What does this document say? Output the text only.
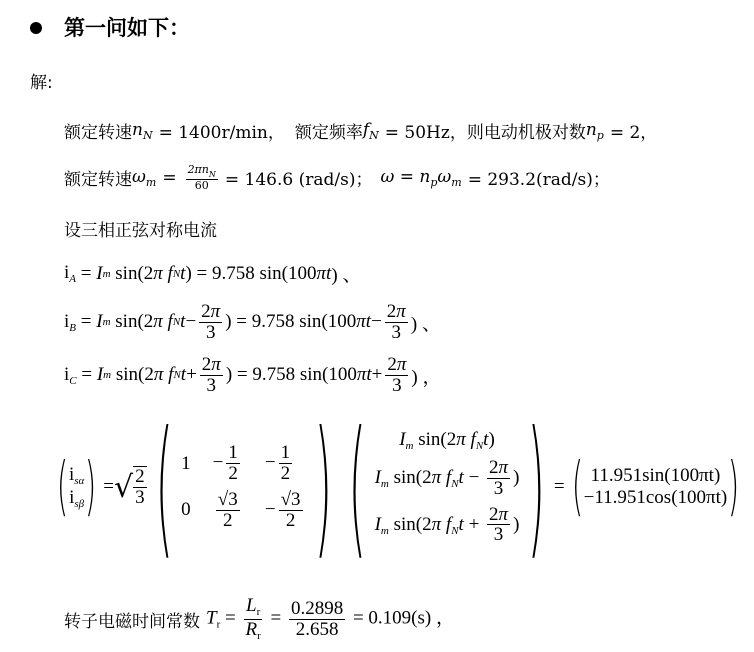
第一问如下：
解:
额定转速 $n_N = 1400r/\min$， 额定频率 $f_N = 50Hz$， 则电动机极对数 $n_p = 2$，
额定转速 $\omega_m = \frac{2\pi n_N}{60} = 146.6$ (rad/s)； $\omega = n_p\omega_m = 293.2(rad/s)$；
设三相正弦对称电流
$i_A = I$ m sin(2 π f N t ) = 9.758 sin(100 πt ) 、
$i_B = I$ m sin(2 π f N $t - \frac{2\pi}{3}$ ) = 9.758 sin(100 $\pi t - \frac{2\pi}{3}$ ) 、
$i_C = I$ m sin(2 π f N $t + \frac{2\pi}{3}$ ) = 9.758 sin(100 $\pi t + \frac{2\pi}{3}$ ) ，
( $i_{s\alpha}$
$i_{s\beta}$ ) = √ $\frac{2}{3}$ ( $1 - \frac{1}{2} - \frac{1}{2}$
$0 \frac{√3}{2} - \frac{√3}{2}$ ) ( $I_m$ sin(2π $f_Nt$)
$I_m$ sin(2π $f_Nt - \frac{2\pi}{3}$ )
$I_m$ sin(2π $f_Nt + \frac{2\pi}{3}$ ) ) = ( 11.951sin(100πt)
−11.951cos(100πt) )
转子电磁时间常数 $T_r = \frac{L_r}{R_r} = \frac{0.2898}{2.658} = 0.109(s)$ ，
